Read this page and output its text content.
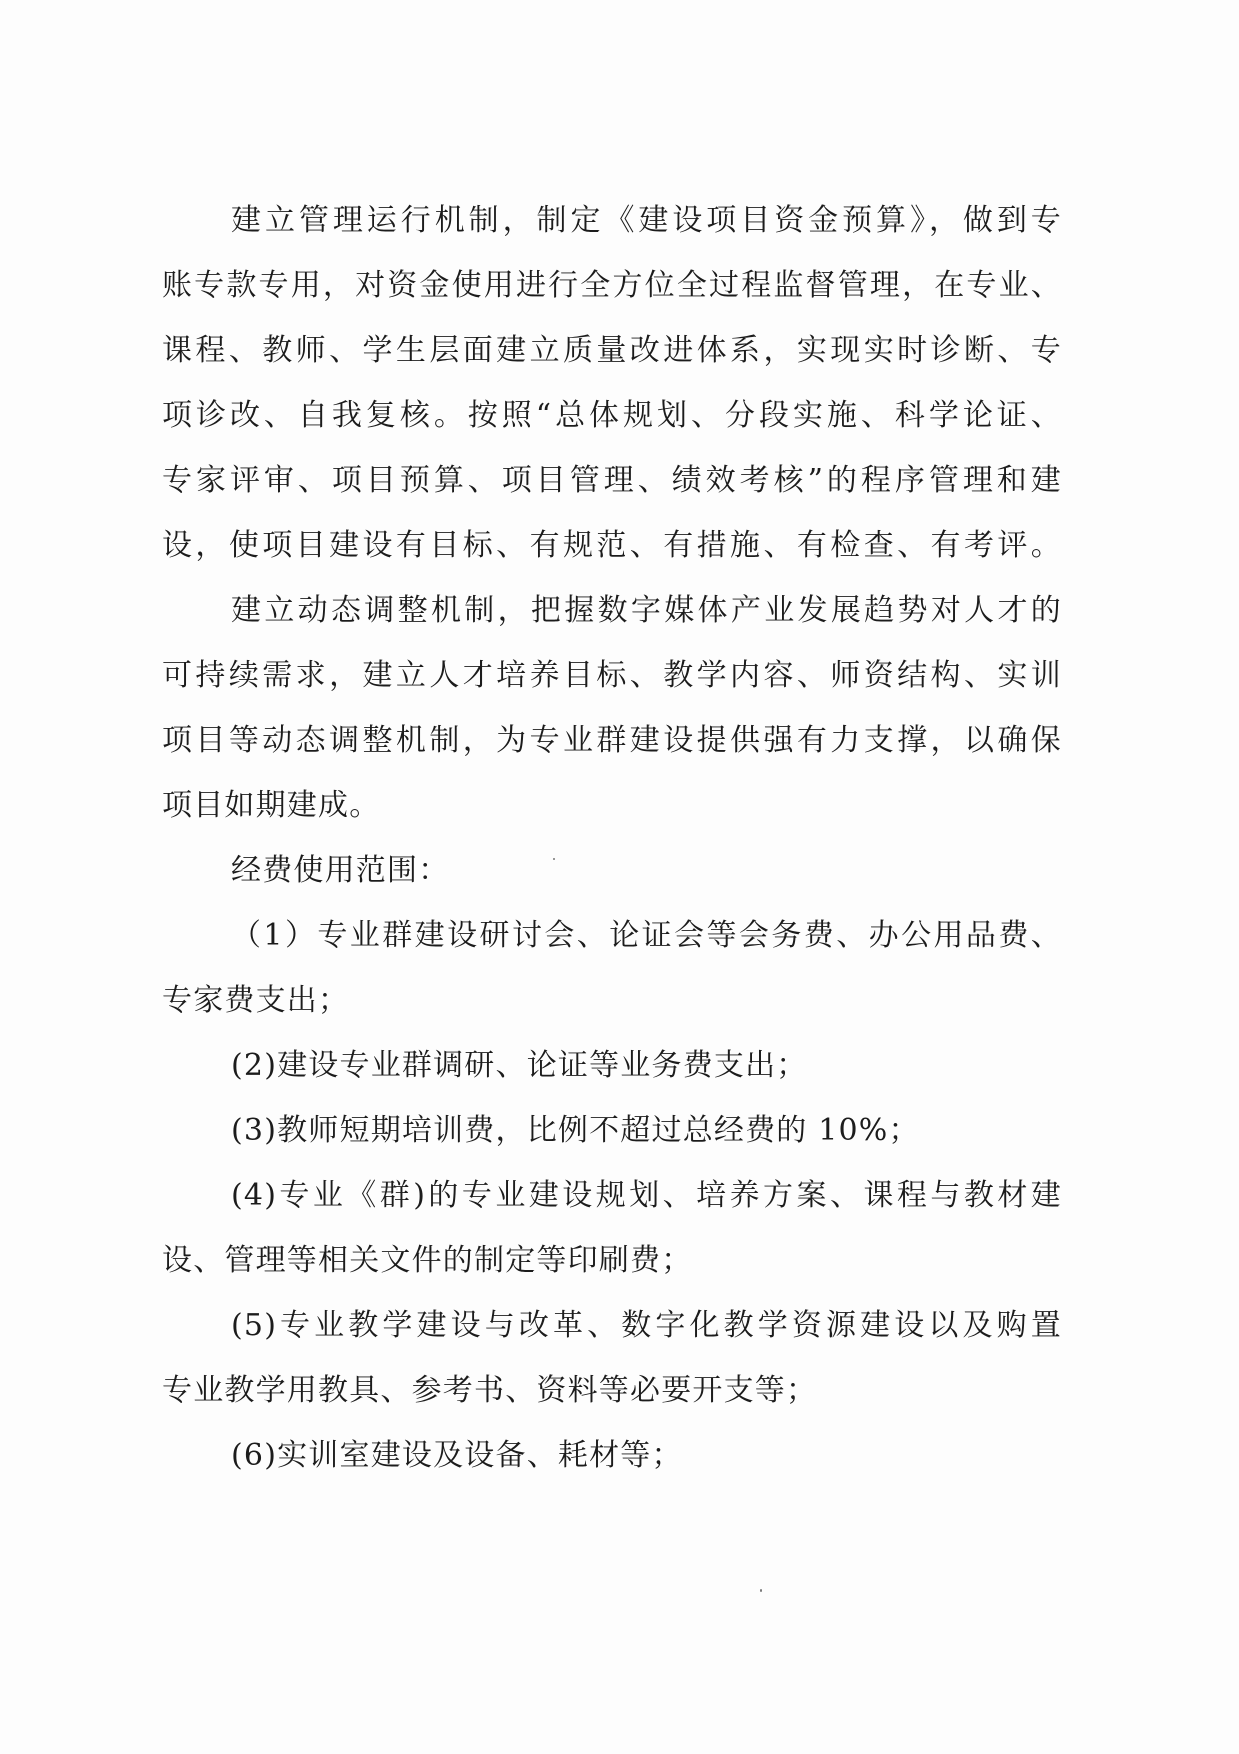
建立管理运行机制，制定《建设项目资金预算》，做到专
账专款专用，对资金使用进行全方位全过程监督管理，在专业、
课程、教师、学生层面建立质量改进体系，实现实时诊断、专
项诊改、自我复核。按照“总体规划、分段实施、科学论证、
专家评审、项目预算、项目管理、绩效考核”的程序管理和建
设，使项目建设有目标、有规范、有措施、有检查、有考评。
建立动态调整机制，把握数字媒体产业发展趋势对人才的
可持续需求，建立人才培养目标、教学内容、师资结构、实训
项目等动态调整机制，为专业群建设提供强有力支撑，以确保
项目如期建成。
经费使用范围：
（1）专业群建设研讨会、论证会等会务费、办公用品费、
专家费支出；
(2)建设专业群调研、论证等业务费支出；
(3)教师短期培训费，比例不超过总经费的 10%；
(4)专业《群)的专业建设规划、培养方案、课程与教材建
设、管理等相关文件的制定等印刷费；
(5)专业教学建设与改革、数字化教学资源建设以及购置
专业教学用教具、参考书、资料等必要开支等；
(6)实训室建设及设备、耗材等；
